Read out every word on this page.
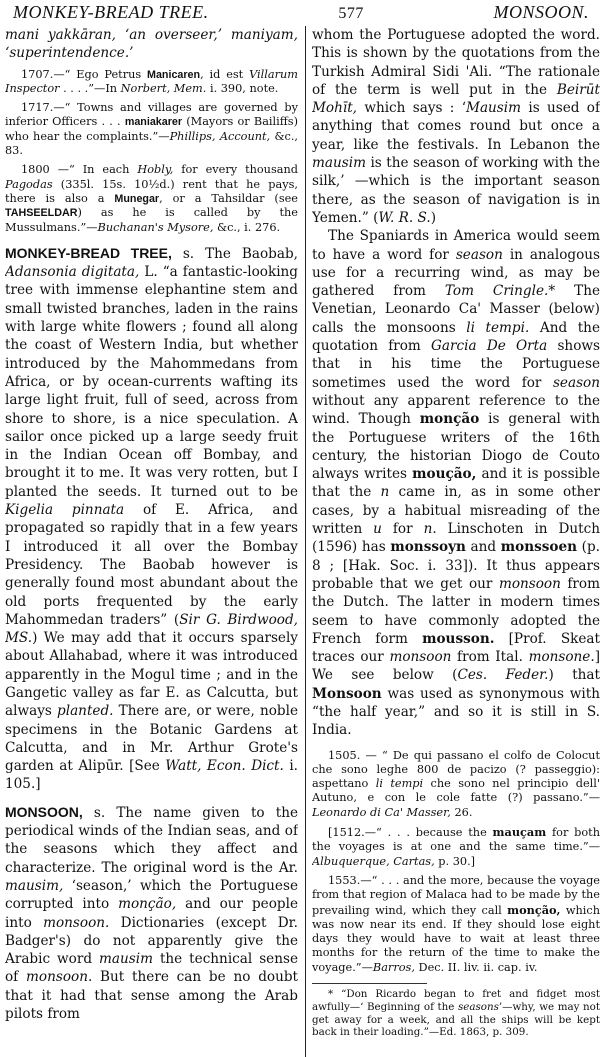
MONKEY-BREAD TREE.	577	MONSOON.

mani yakkāran, ‘an overseer,’ maniyam, ‘superintendence.’

1707.—“ Ego Petrus Manicaren, id est Villarum Inspector . . . .”—In Norbert, Mem. i. 390, note.

1717.—“ Towns and villages are governed by inferior Officers . . . maniakarer (Mayors or Bailiffs) who hear the complaints.”—Phillips, Account, &c., 83.

1800 —“ In each Hobly, for every thousand Pagodas (335l. 15s. 10½d.) rent that he pays, there is also a Munegar, or a Tahsildar (see TAHSEELDAR) as he is called by the Mussulmans.”—Buchanan's Mysore, &c., i. 276.

MONKEY-BREAD TREE, s. The Baobab, Adansonia digitata, L. “a fantastic-looking tree with immense elephantine stem and small twisted branches, laden in the rains with large white flowers ; found all along the coast of Western India, but whether introduced by the Mahommedans from Africa, or by ocean-currents wafting its large light fruit, full of seed, across from shore to shore, is a nice speculation. A sailor once picked up a large seedy fruit in the Indian Ocean off Bombay, and brought it to me. It was very rotten, but I planted the seeds. It turned out to be Kigelia pinnata of E. Africa, and propagated so rapidly that in a few years I introduced it all over the Bombay Presidency. The Baobab however is generally found most abundant about the old ports frequented by the early Mahommedan traders” (Sir G. Birdwood, MS.) We may add that it occurs sparsely about Allahabad, where it was introduced apparently in the Mogul time ; and in the Gangetic valley as far E. as Calcutta, but always planted. There are, or were, noble specimens in the Botanic Gardens at Calcutta, and in Mr. Arthur Grote's garden at Alipūr. [See Watt, Econ. Dict. i. 105.]

MONSOON, s. The name given to the periodical winds of the Indian seas, and of the seasons which they affect and characterize. The original word is the Ar. mausim, ‘season,’ which the Portuguese corrupted into monção, and our people into monsoon. Dictionaries (except Dr. Badger's) do not apparently give the Arabic word mausim the technical sense of monsoon. But there can be no doubt that it had that sense among the Arab pilots from

whom the Portuguese adopted the word. This is shown by the quotations from the Turkish Admiral Sidi 'Ali. “The rationale of the term is well put in the Beirūt Mohīt, which says : ‘Mausim is used of anything that comes round but once a year, like the festivals. In Lebanon the mausim is the season of working with the silk,’ —which is the important season there, as the season of navigation is in Yemen.” (W. R. S.)

The Spaniards in America would seem to have a word for season in analogous use for a recurring wind, as may be gathered from Tom Cringle.* The Venetian, Leonardo Ca' Masser (below) calls the monsoons li tempi. And the quotation from Garcia De Orta shows that in his time the Portuguese sometimes used the word for season without any apparent reference to the wind. Though monção is general with the Portuguese writers of the 16th century, the historian Diogo de Couto always writes moução, and it is possible that the n came in, as in some other cases, by a habitual misreading of the written u for n. Linschoten in Dutch (1596) has monssoyn and monssoen (p. 8 ; [Hak. Soc. i. 33]). It thus appears probable that we get our monsoon from the Dutch. The latter in modern times seem to have commonly adopted the French form mousson. [Prof. Skeat traces our monsoon from Ital. monsone.] We see below (Ces. Feder.) that Monsoon was used as synonymous with “the half year,” and so it is still in S. India.

1505. — “ De qui passano el colfo de Colocut che sono leghe 800 de pacizo (? passeggio): aspettano li tempi che sono nel principio dell' Autuno, e con le cole fatte (?) passano.”—Leonardo di Ca' Masser, 26.

[1512.—“ . . . because the mauçam for both the voyages is at one and the same time.”—Albuquerque, Cartas, p. 30.]

1553.—“ . . . and the more, because the voyage from that region of Malaca had to be made by the prevailing wind, which they call monção, which was now near its end. If they should lose eight days they would have to wait at least three months for the return of the time to make the voyage.”—Barros, Dec. II. liv. ii. cap. iv.

* “Don Ricardo began to fret and fidget most awfully—‘ Beginning of the seasons’—why, we may not get away for a week, and all the ships will be kept back in their loading.”—Ed. 1863, p. 309.
